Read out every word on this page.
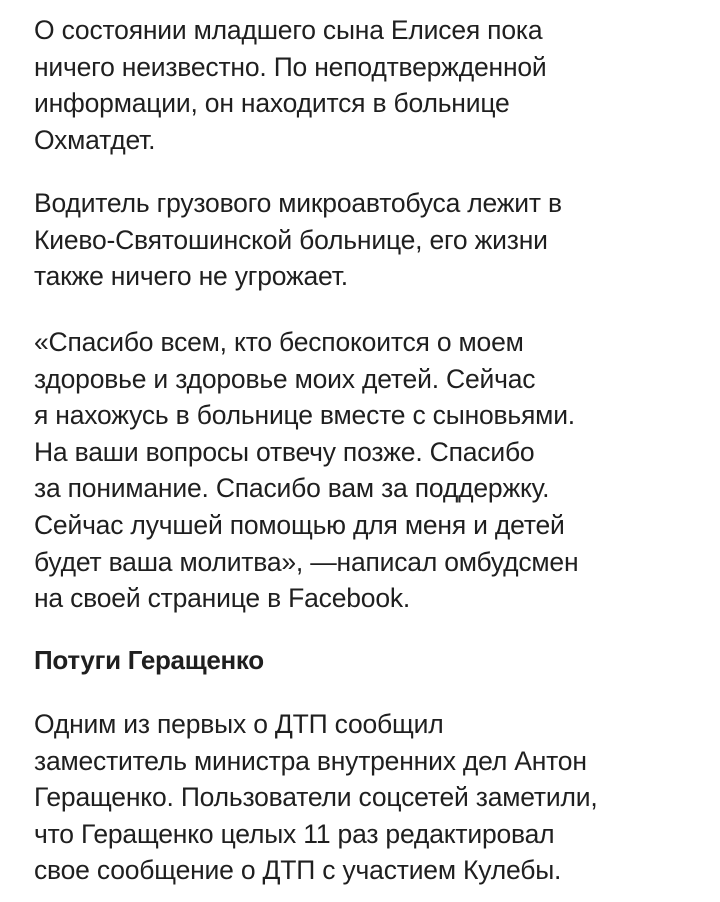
О состоянии младшего сына Елисея пока
ничего неизвестно. По неподтвержденной
информации, он находится в больнице
Охматдет.

Водитель грузового микроавтобуса лежит в
Киево-Святошинской больнице, его жизни
также ничего не угрожает.

«Спасибо всем, кто беспокоится о моем
здоровье и здоровье моих детей. Сейчас
я нахожусь в больнице вместе с сыновьями.
На ваши вопросы отвечу позже. Спасибо
за понимание. Спасибо вам за поддержку.
Сейчас лучшей помощью для меня и детей
будет ваша молитва», —написал омбудсмен
на своей странице в Facebook.

Потуги Геращенко

Одним из первых о ДТП сообщил
заместитель министра внутренних дел Антон
Геращенко. Пользователи соцсетей заметили,
что Геращенко целых 11 раз редактировал
свое сообщение о ДТП с участием Кулебы.
